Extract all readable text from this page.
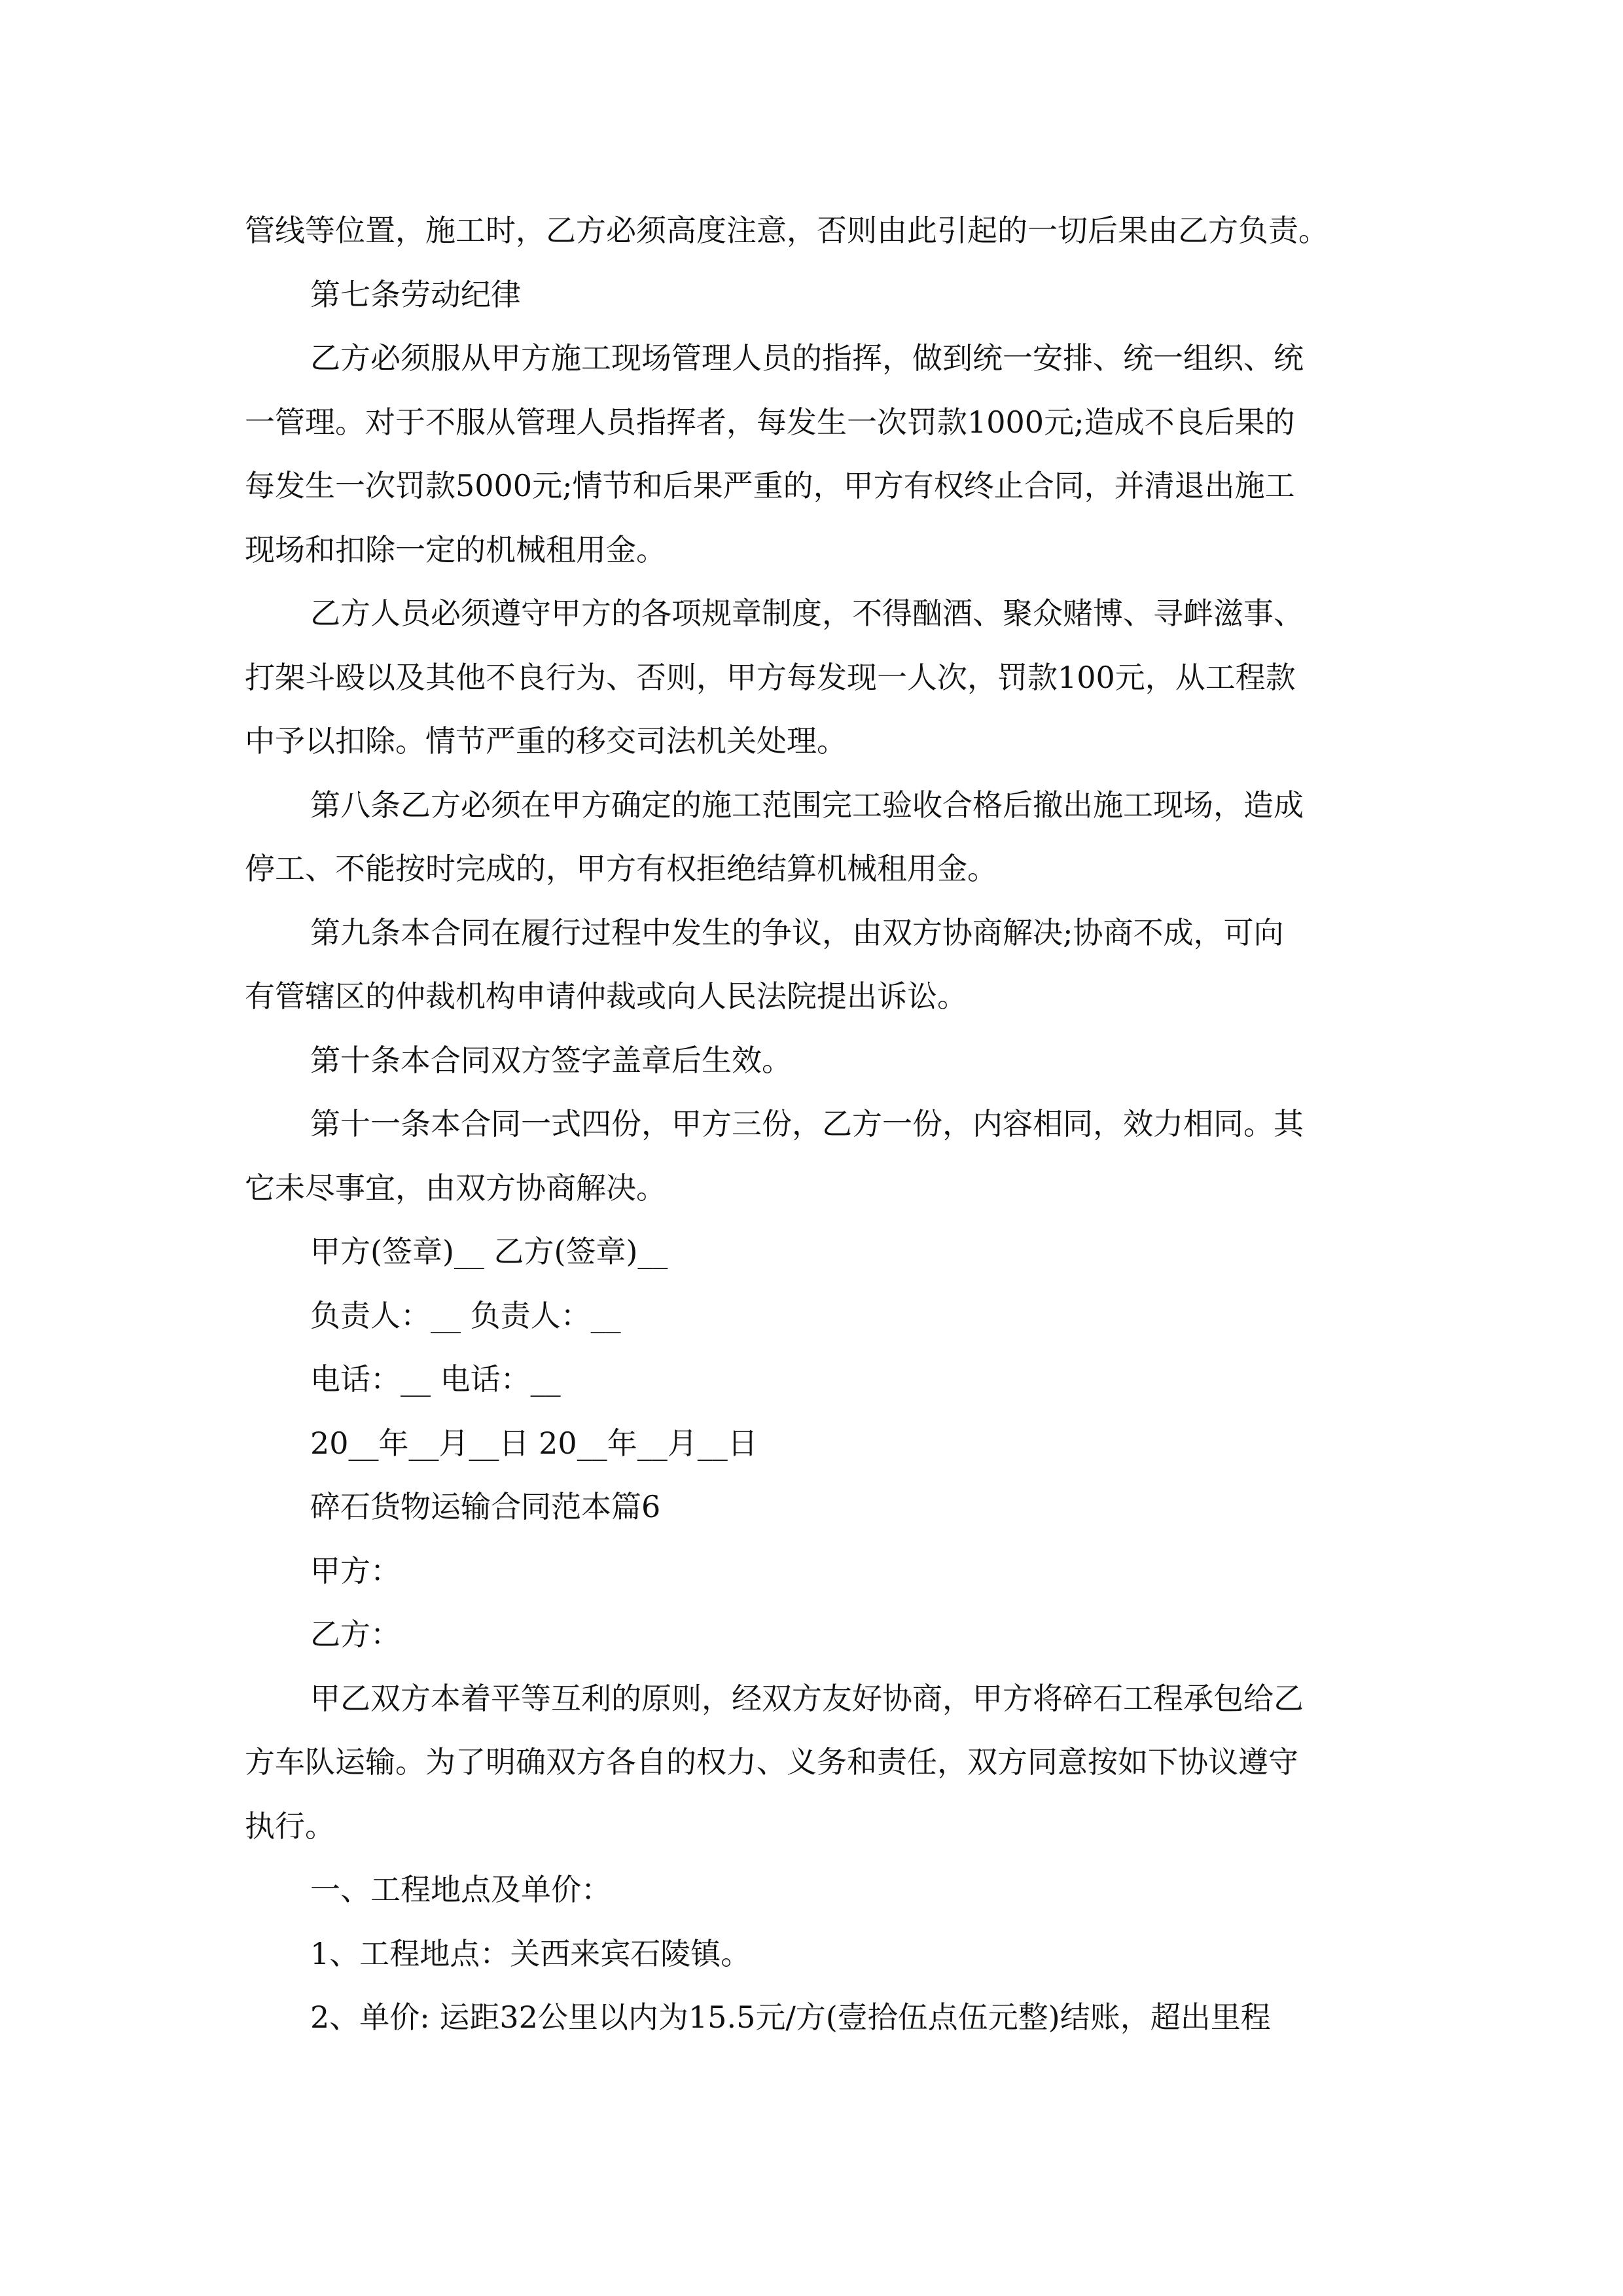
管线等位置，施工时，乙方必须高度注意，否则由此引起的一切后果由乙方负责。

第七条劳动纪律

乙方必须服从甲方施工现场管理人员的指挥，做到统一安排、统一组织、统

一管理。对于不服从管理人员指挥者，每发生一次罚款1000元;造成不良后果的

每发生一次罚款5000元;情节和后果严重的，甲方有权终止合同，并清退出施工

现场和扣除一定的机械租用金。

乙方人员必须遵守甲方的各项规章制度，不得酗酒、聚众赌博、寻衅滋事、

打架斗殴以及其他不良行为、否则，甲方每发现一人次，罚款100元，从工程款

中予以扣除。情节严重的移交司法机关处理。

第八条乙方必须在甲方确定的施工范围完工验收合格后撤出施工现场，造成

停工、不能按时完成的，甲方有权拒绝结算机械租用金。

第九条本合同在履行过程中发生的争议，由双方协商解决;协商不成，可向

有管辖区的仲裁机构申请仲裁或向人民法院提出诉讼。

第十条本合同双方签字盖章后生效。

第十一条本合同一式四份，甲方三份，乙方一份，内容相同，效力相同。其

它未尽事宜，由双方协商解决。

甲方(签章)__ 乙方(签章)__

负责人：__ 负责人：__

电话：__ 电话：__

20__年__月__日 20__年__月__日

碎石货物运输合同范本篇6

甲方：

乙方：

甲乙双方本着平等互利的原则，经双方友好协商，甲方将碎石工程承包给乙

方车队运输。为了明确双方各自的权力、义务和责任，双方同意按如下协议遵守

执行。

一、工程地点及单价：

1、工程地点：关西来宾石陵镇。

2、单价: 运距32公里以内为15.5元/方(壹拾伍点伍元整)结账，超出里程
